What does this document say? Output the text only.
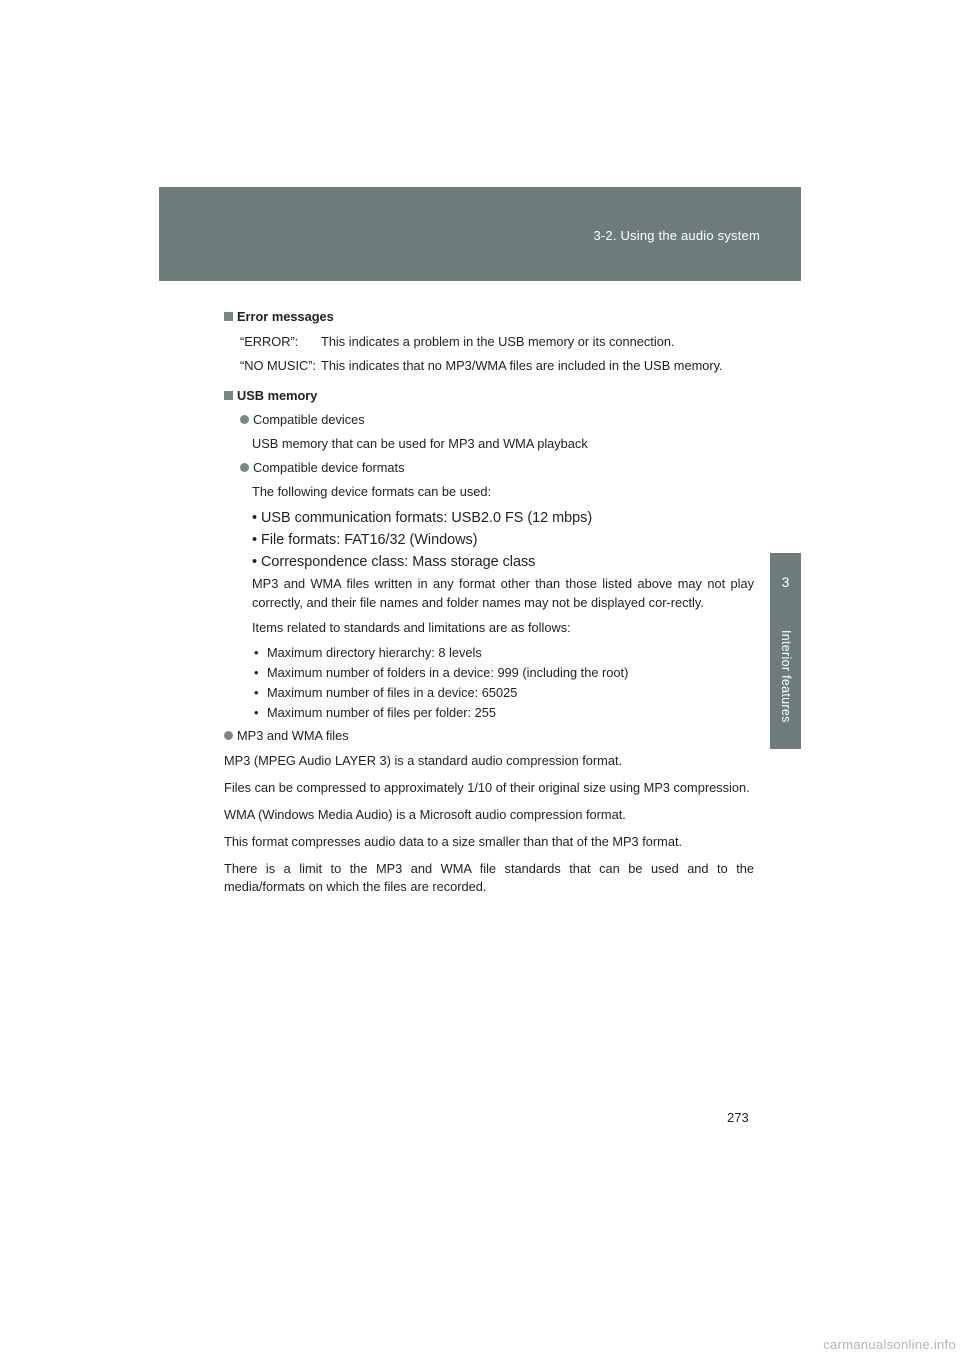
3-2. Using the audio system
3
Interior features
Error messages
“ERROR”:	This indicates a problem in the USB memory or its connection.
“NO MUSIC”: This indicates that no MP3/WMA files are included in the USB memory.
USB memory
Compatible devices
USB memory that can be used for MP3 and WMA playback
Compatible device formats
The following device formats can be used:
• USB communication formats: USB2.0 FS (12 mbps)
• File formats: FAT16/32 (Windows)
• Correspondence class: Mass storage class
MP3 and WMA files written in any format other than those listed above may not play correctly, and their file names and folder names may not be displayed cor-rectly.
Items related to standards and limitations are as follows:
• Maximum directory hierarchy: 8 levels
• Maximum number of folders in a device: 999 (including the root)
• Maximum number of files in a device: 65025
• Maximum number of files per folder: 255
MP3 and WMA files
MP3 (MPEG Audio LAYER 3) is a standard audio compression format.
Files can be compressed to approximately 1/10 of their original size using MP3 compression.
WMA (Windows Media Audio) is a Microsoft audio compression format.
This format compresses audio data to a size smaller than that of the MP3 format.
There is a limit to the MP3 and WMA file standards that can be used and to the media/formats on which the files are recorded.
273
carmanualsonline.info
